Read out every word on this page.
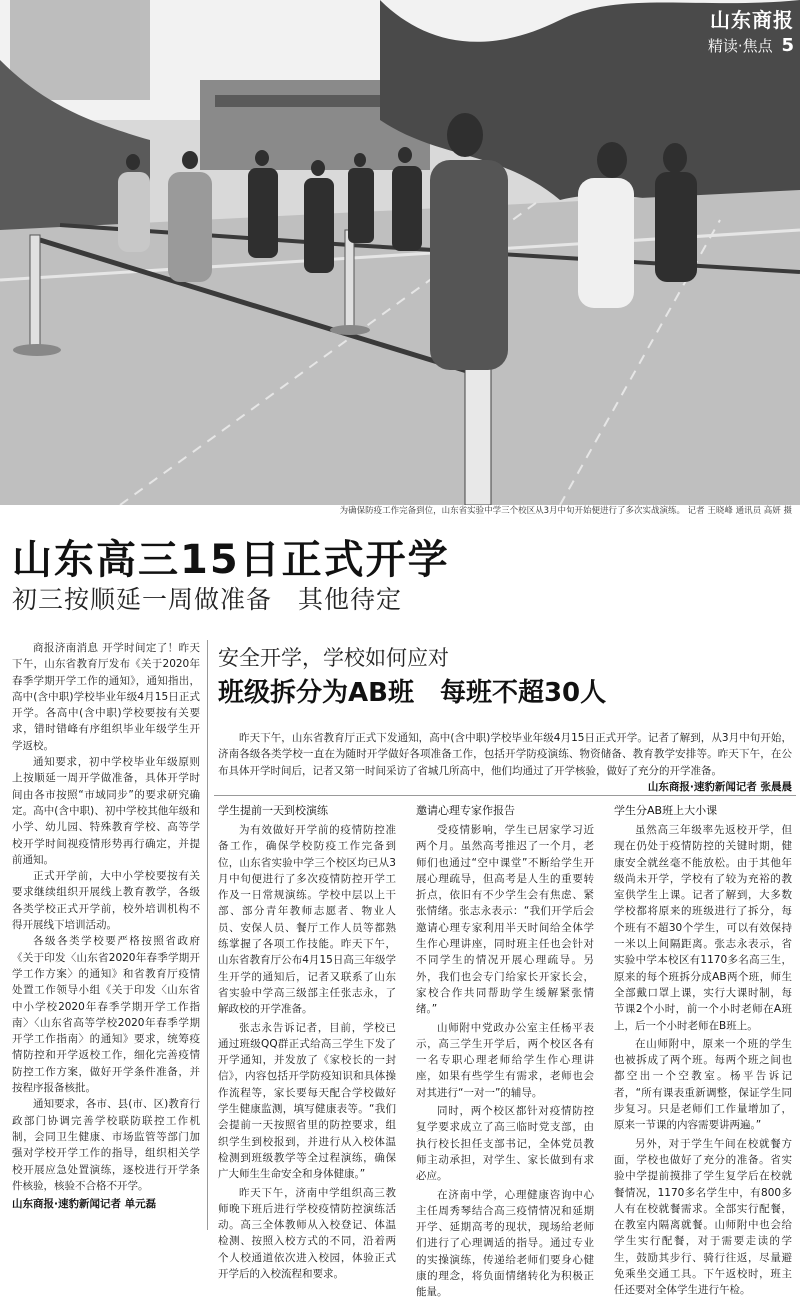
山东商报
精读·焦点 5
为确保防疫工作完备到位，山东省实验中学三个校区从3月中旬开始便进行了多次实战演练。 记者 王晓峰 通讯员 高妍 摄
山东高三15日正式开学
初三按顺延一周做准备　其他待定

商报济南消息 开学时间定了！昨天下午，山东省教育厅发布《关于2020年春季学期开学工作的通知》，通知指出，高中(含中职)学校毕业年级4月15日正式开学。各高中(含中职)学校要按有关要求，错时错峰有序组织毕业年级学生开学返校。

通知要求，初中学校毕业年级原则上按顺延一周开学做准备，具体开学时间由各市按照“市域同步”的要求研究确定。高中(含中职)、初中学校其他年级和小学、幼儿园、特殊教育学校、高等学校开学时间视疫情形势再行确定，并提前通知。

正式开学前，大中小学校要按有关要求继续组织开展线上教育教学，各级各类学校正式开学前，校外培训机构不得开展线下培训活动。

各级各类学校要严格按照省政府《关于印发〈山东省2020年春季学期开学工作方案〉的通知》和省教育厅疫情处置工作领导小组《关于印发〈山东省中小学校2020年春季学期开学工作指南〉〈山东省高等学校2020年春季学期开学工作指南〉的通知》要求，统筹疫情防控和开学返校工作，细化完善疫情防控工作方案，做好开学条件准备，并按程序报备核批。

通知要求，各市、县(市、区)教育行政部门协调完善学校联防联控工作机制，会同卫生健康、市场监管等部门加强对学校开学工作的指导，组织相关学校开展应急处置演练，逐校进行开学条件核验，核验不合格不开学。

山东商报·速豹新闻记者 单元磊
安全开学，学校如何应对
班级拆分为AB班　每班不超30人

昨天下午，山东省教育厅正式下发通知，高中(含中职)学校毕业年级4月15日正式开学。记者了解到，从3月中旬开始，济南各级各类学校一直在为随时开学做好各项准备工作，包括开学防疫演练、物资储备、教育教学安排等。昨天下午，在公布具体开学时间后，记者又第一时间采访了省城几所高中，他们均通过了开学核验，做好了充分的开学准备。

山东商报·速豹新闻记者 张晨晨
学生提前一天到校演练

为有效做好开学前的疫情防控准备工作，确保学校防疫工作完备到位，山东省实验中学三个校区均已从3月中旬便进行了多次疫情防控开学工作及一日常规演练。学校中层以上干部、部分青年教师志愿者、物业人员、安保人员、餐厅工作人员等都熟练掌握了各项工作技能。昨天下午，山东省教育厅公布4月15日高三年级学生开学的通知后，记者又联系了山东省实验中学高三级部主任张志永，了解政校的开学准备。

张志永告诉记者，目前，学校已通过班级QQ群正式给高三学生下发了开学通知，并发放了《家校长的一封信》，内容包括开学防疫知识和具体操作流程等，家长要每天配合学校做好学生健康监测，填写健康表等。“我们会提前一天按照省里的防控要求，组织学生到校报到，并进行从入校体温检测到班级教学等全过程演练，确保广大师生生命安全和身体健康。”

昨天下午，济南中学组织高三教师晚下班后进行学校疫情防控演练活动。高三全体教师从入校登记、体温检测、按照入校方式的不同，沿着两个人校通道依次进入校园，体验正式开学后的入校流程和要求。

邀请心理专家作报告

受疫情影响，学生已居家学习近两个月。虽然高考推迟了一个月，老师们也通过“空中课堂”不断给学生开展心理疏导，但高考是人生的重要转折点，依旧有不少学生会有焦虑、紧张情绪。张志永表示：“我们开学后会邀请心理专家利用半天时间给全体学生作心理讲座，同时班主任也会针对不同学生的情况开展心理疏导。另外，我们也会专门给家长开家长会，家校合作共同帮助学生缓解紧张情绪。”

山师附中党政办公室主任杨平表示，高三学生开学后，两个校区各有一名专职心理老师给学生作心理讲座，如果有些学生有需求，老师也会对其进行“一对一”的辅导。

同时，两个校区都针对疫情防控复学要求成立了高三临时党支部，由执行校长担任支部书记，全体党员教师主动承担，对学生、家长做到有求必应。

在济南中学，心理健康咨询中心主任周秀琴结合高三疫情情况和延期开学、延期高考的现状，现场给老师们进行了心理调适的指导。通过专业的实操演练，传递给老师们要身心健康的理念，将负面情绪转化为积极正能量。

学生分AB班上大小课

虽然高三年级率先返校开学，但现在仍处于疫情防控的关键时期，健康安全就丝毫不能放松。由于其他年级尚未开学，学校有了较为充裕的教室供学生上课。记者了解到，大多数学校都将原来的班级进行了拆分，每个班有不超30个学生，可以有效保持一米以上间隔距离。张志永表示，省实验中学本校区有1170多名高三生，原来的每个班拆分成AB两个班，师生全部戴口罩上课，实行大课时制，每节课2个小时，前一个小时老师在A班上，后一个小时老师在B班上。

在山师附中，原来一个班的学生也被拆成了两个班。每两个班之间也都空出一个空教室。杨平告诉记者，“所有课表重新调整，保证学生同步复习。只是老师们工作量增加了，原来一节课的内容需要讲两遍。”

另外，对于学生午间在校就餐方面，学校也做好了充分的准备。省实验中学提前摸排了学生复学后在校就餐情况，1170多名学生中，有800多人有在校就餐需求。全部实行配餐，在教室内隔离就餐。山师附中也会给学生实行配餐，对于需要走读的学生，鼓励其步行、骑行往返，尽量避免乘坐交通工具。下午返校时，班主任还要对全体学生进行午检。
